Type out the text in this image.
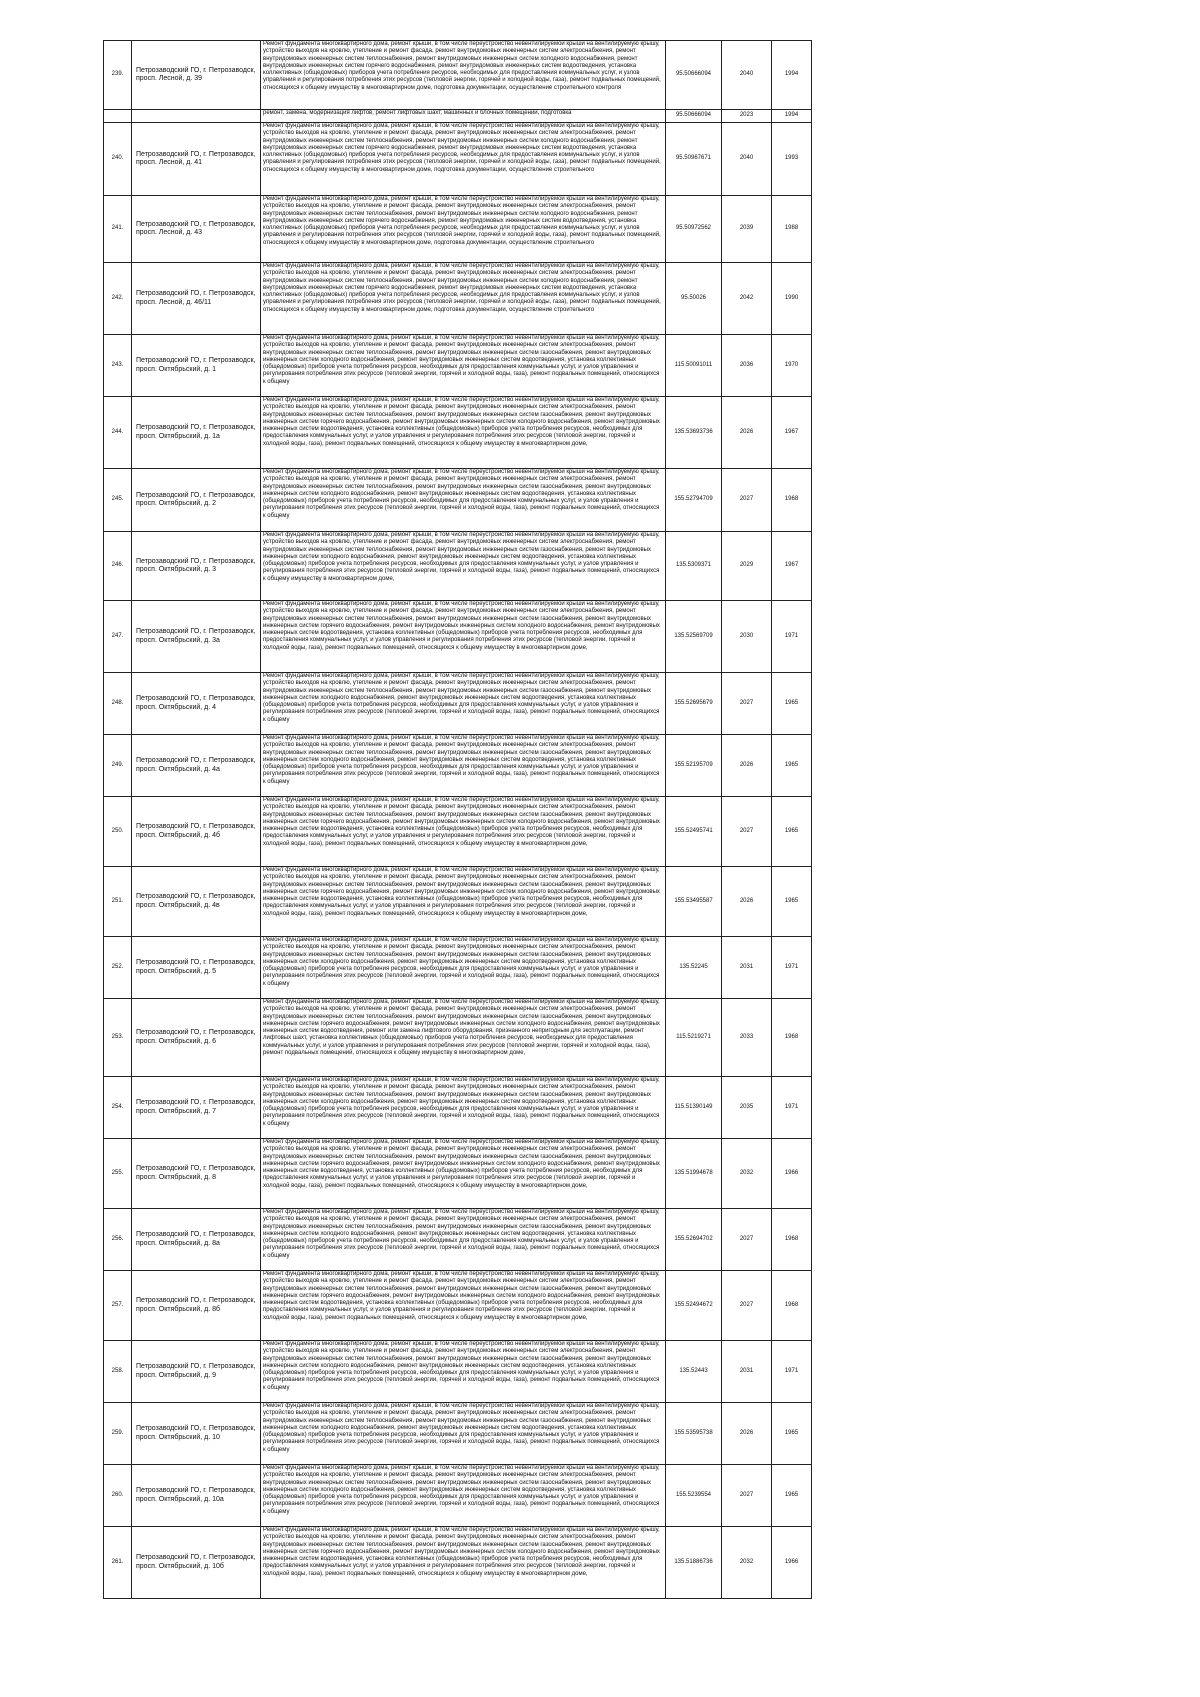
239.	Петрозаводский ГО, г. Петрозаводск, просп. Лесной, д. 39	Ремонт фундамента многоквартирного дома, ремонт крыши, в том числе переустройство невентилируемой крыши на вентилируемую крышу, устройство выходов на кровлю, утепление и ремонт фасада, ремонт внутридомовых инженерных систем электроснабжения, ремонт внутридомовых инженерных систем теплоснабжения, ремонт внутридомовых инженерных систем холодного водоснабжения, ремонт внутридомовых инженерных систем горячего водоснабжения, ремонт внутридомовых инженерных систем водоотведения, установка коллективных (общедомовых) приборов учета потребления ресурсов, необходимых для предоставления коммунальных услуг, и узлов управления и регулирования потребления этих ресурсов (тепловой энергии, горячей и холодной воды, газа), ремонт подвальных помещений, относящихся к общему имуществу в многоквартирном доме, подготовка документации, осуществление строительного контроля	95.50666094	2040	1994

		ремонт, замена, модернизация лифтов, ремонт лифтовых шахт, машинных и блочных помещений, подготовка	95.50666094	2023	1994
240.	Петрозаводский ГО, г. Петрозаводск, просп. Лесной, д. 41	Ремонт фундамента многоквартирного дома, ремонт крыши, в том числе переустройство невентилируемой крыши на вентилируемую крышу, устройство выходов на кровлю, утепление и ремонт фасада, ремонт внутридомовых инженерных систем электроснабжения, ремонт внутридомовых инженерных систем теплоснабжения, ремонт внутридомовых инженерных систем холодного водоснабжения, ремонт внутридомовых инженерных систем горячего водоснабжения, ремонт внутридомовых инженерных систем водоотведения, установка коллективных (общедомовых) приборов учета потребления ресурсов, необходимых для предоставления коммунальных услуг, и узлов управления и регулирования потребления этих ресурсов (тепловой энергии, горячей и холодной воды, газа), ремонт подвальных помещений, относящихся к общему имуществу в многоквартирном доме, подготовка документации, осуществление строительного	95.50967671	2040	1993
241.	Петрозаводский ГО, г. Петрозаводск, просп. Лесной, д. 43	Ремонт фундамента многоквартирного дома, ремонт крыши, в том числе переустройство невентилируемой крыши на вентилируемую крышу, устройство выходов на кровлю, утепление и ремонт фасада, ремонт внутридомовых инженерных систем электроснабжения, ремонт внутридомовых инженерных систем теплоснабжения, ремонт внутридомовых инженерных систем холодного водоснабжения, ремонт внутридомовых инженерных систем горячего водоснабжения, ремонт внутридомовых инженерных систем водоотведения, установка коллективных (общедомовых) приборов учета потребления ресурсов, необходимых для предоставления коммунальных услуг, и узлов управления и регулирования потребления этих ресурсов (тепловой энергии, горячей и холодной воды, газа), ремонт подвальных помещений, относящихся к общему имуществу в многоквартирном доме, подготовка документации, осуществление строительного	95.50972562	2039	1988
242.	Петрозаводский ГО, г. Петрозаводск, просп. Лесной, д. 46/11	Ремонт фундамента многоквартирного дома, ремонт крыши, в том числе переустройство невентилируемой крыши на вентилируемую крышу, устройство выходов на кровлю, утепление и ремонт фасада, ремонт внутридомовых инженерных систем электроснабжения, ремонт внутридомовых инженерных систем теплоснабжения, ремонт внутридомовых инженерных систем холодного водоснабжения, ремонт внутридомовых инженерных систем горячего водоснабжения, ремонт внутридомовых инженерных систем водоотведения, установка коллективных (общедомовых) приборов учета потребления ресурсов, необходимых для предоставления коммунальных услуг, и узлов управления и регулирования потребления этих ресурсов (тепловой энергии, горячей и холодной воды, газа), ремонт подвальных помещений, относящихся к общему имуществу в многоквартирном доме, подготовка документации, осуществление строительного	95.50026	2042	1990
243.	Петрозаводский ГО, г. Петрозаводск, просп. Октябрьский, д. 1	Ремонт фундамента многоквартирного дома, ремонт крыши, в том числе переустройство невентилируемой крыши на вентилируемую крышу, устройство выходов на кровлю, утепление и ремонт фасада, ремонт внутридомовых инженерных систем электроснабжения, ремонт внутридомовых инженерных систем теплоснабжения, ремонт внутридомовых инженерных систем газоснабжения, ремонт внутридомовых инженерных систем холодного водоснабжения, ремонт внутридомовых инженерных систем водоотведения, установка коллективных (общедомовых) приборов учета потребления ресурсов, необходимых для предоставления коммунальных услуг, и узлов управления и регулирования потребления этих ресурсов (тепловой энергии, горячей и холодной воды, газа), ремонт подвальных помещений, относящихся к общему	115.50091011	2036	1970
244.	Петрозаводский ГО, г. Петрозаводск, просп. Октябрьский, д. 1а	Ремонт фундамента многоквартирного дома, ремонт крыши, в том числе переустройство невентилируемой крыши на вентилируемую крышу, устройство выходов на кровлю, утепление и ремонт фасада, ремонт внутридомовых инженерных систем электроснабжения, ремонт внутридомовых инженерных систем теплоснабжения, ремонт внутридомовых инженерных систем газоснабжения, ремонт внутридомовых инженерных систем горячего водоснабжения, ремонт внутридомовых инженерных систем холодного водоснабжения, ремонт внутридомовых инженерных систем водоотведения, установка коллективных (общедомовых) приборов учета потребления ресурсов, необходимых для предоставления коммунальных услуг, и узлов управления и регулирования потребления этих ресурсов (тепловой энергии, горячей и холодной воды, газа), ремонт подвальных помещений, относящихся к общему имуществу в многоквартирном доме,	135.53693736	2026	1967
245.	Петрозаводский ГО, г. Петрозаводск, просп. Октябрьский, д. 2	Ремонт фундамента многоквартирного дома, ремонт крыши, в том числе переустройство невентилируемой крыши на вентилируемую крышу, устройство выходов на кровлю, утепление и ремонт фасада, ремонт внутридомовых инженерных систем электроснабжения, ремонт внутридомовых инженерных систем теплоснабжения, ремонт внутридомовых инженерных систем газоснабжения, ремонт внутридомовых инженерных систем холодного водоснабжения, ремонт внутридомовых инженерных систем водоотведения, установка коллективных (общедомовых) приборов учета потребления ресурсов, необходимых для предоставления коммунальных услуг, и узлов управления и регулирования потребления этих ресурсов (тепловой энергии, горячей и холодной воды, газа), ремонт подвальных помещений, относящихся к общему	155.52794709	2027	1968
246.	Петрозаводский ГО, г. Петрозаводск, просп. Октябрьский, д. 3	Ремонт фундамента многоквартирного дома, ремонт крыши, в том числе переустройство невентилируемой крыши на вентилируемую крышу, устройство выходов на кровлю, утепление и ремонт фасада, ремонт внутридомовых инженерных систем электроснабжения, ремонт внутридомовых инженерных систем теплоснабжения, ремонт внутридомовых инженерных систем газоснабжения, ремонт внутридомовых инженерных систем холодного водоснабжения, ремонт внутридомовых инженерных систем водоотведения, установка коллективных (общедомовых) приборов учета потребления ресурсов, необходимых для предоставления коммунальных услуг, и узлов управления и регулирования потребления этих ресурсов (тепловой энергии, горячей и холодной воды, газа), ремонт подвальных помещений, относящихся к общему имуществу в многоквартирном доме,	135.5309371	2029	1967
247.	Петрозаводский ГО, г. Петрозаводск, просп. Октябрьский, д. 3а	Ремонт фундамента многоквартирного дома, ремонт крыши, в том числе переустройство невентилируемой крыши на вентилируемую крышу, устройство выходов на кровлю, утепление и ремонт фасада, ремонт внутридомовых инженерных систем электроснабжения, ремонт внутридомовых инженерных систем теплоснабжения, ремонт внутридомовых инженерных систем газоснабжения, ремонт внутридомовых инженерных систем горячего водоснабжения, ремонт внутридомовых инженерных систем холодного водоснабжения, ремонт внутридомовых инженерных систем водоотведения, установка коллективных (общедомовых) приборов учета потребления ресурсов, необходимых для предоставления коммунальных услуг, и узлов управления и регулирования потребления этих ресурсов (тепловой энергии, горячей и холодной воды, газа), ремонт подвальных помещений, относящихся к общему имуществу в многоквартирном доме,	135.52569709	2030	1971
248.	Петрозаводский ГО, г. Петрозаводск, просп. Октябрьский, д. 4	Ремонт фундамента многоквартирного дома, ремонт крыши, в том числе переустройство невентилируемой крыши на вентилируемую крышу, устройство выходов на кровлю, утепление и ремонт фасада, ремонт внутридомовых инженерных систем электроснабжения, ремонт внутридомовых инженерных систем теплоснабжения, ремонт внутридомовых инженерных систем газоснабжения, ремонт внутридомовых инженерных систем холодного водоснабжения, ремонт внутридомовых инженерных систем водоотведения, установка коллективных (общедомовых) приборов учета потребления ресурсов, необходимых для предоставления коммунальных услуг, и узлов управления и регулирования потребления этих ресурсов (тепловой энергии, горячей и холодной воды, газа), ремонт подвальных помещений, относящихся к общему	155.52695679	2027	1965
249.	Петрозаводский ГО, г. Петрозаводск, просп. Октябрьский, д. 4а	Ремонт фундамента многоквартирного дома, ремонт крыши, в том числе переустройство невентилируемой крыши на вентилируемую крышу, устройство выходов на кровлю, утепление и ремонт фасада, ремонт внутридомовых инженерных систем электроснабжения, ремонт внутридомовых инженерных систем теплоснабжения, ремонт внутридомовых инженерных систем газоснабжения, ремонт внутридомовых инженерных систем холодного водоснабжения, ремонт внутридомовых инженерных систем водоотведения, установка коллективных (общедомовых) приборов учета потребления ресурсов, необходимых для предоставления коммунальных услуг, и узлов управления и регулирования потребления этих ресурсов (тепловой энергии, горячей и холодной воды, газа), ремонт подвальных помещений, относящихся к общему	155.52195709	2026	1965
250.	Петрозаводский ГО, г. Петрозаводск, просп. Октябрьский, д. 4б	Ремонт фундамента многоквартирного дома, ремонт крыши, в том числе переустройство невентилируемой крыши на вентилируемую крышу, устройство выходов на кровлю, утепление и ремонт фасада, ремонт внутридомовых инженерных систем электроснабжения, ремонт внутридомовых инженерных систем теплоснабжения, ремонт внутридомовых инженерных систем газоснабжения, ремонт внутридомовых инженерных систем горячего водоснабжения, ремонт внутридомовых инженерных систем холодного водоснабжения, ремонт внутридомовых инженерных систем водоотведения, установка коллективных (общедомовых) приборов учета потребления ресурсов, необходимых для предоставления коммунальных услуг, и узлов управления и регулирования потребления этих ресурсов (тепловой энергии, горячей и холодной воды, газа), ремонт подвальных помещений, относящихся к общему имуществу в многоквартирном доме,	155.52495741	2027	1965
251.	Петрозаводский ГО, г. Петрозаводск, просп. Октябрьский, д. 4в	Ремонт фундамента многоквартирного дома, ремонт крыши, в том числе переустройство невентилируемой крыши на вентилируемую крышу, устройство выходов на кровлю, утепление и ремонт фасада, ремонт внутридомовых инженерных систем электроснабжения, ремонт внутридомовых инженерных систем теплоснабжения, ремонт внутридомовых инженерных систем газоснабжения, ремонт внутридомовых инженерных систем горячего водоснабжения, ремонт внутридомовых инженерных систем холодного водоснабжения, ремонт внутридомовых инженерных систем водоотведения, установка коллективных (общедомовых) приборов учета потребления ресурсов, необходимых для предоставления коммунальных услуг, и узлов управления и регулирования потребления этих ресурсов (тепловой энергии, горячей и холодной воды, газа), ремонт подвальных помещений, относящихся к общему имуществу в многоквартирном доме,	155.53495587	2026	1965
252.	Петрозаводский ГО, г. Петрозаводск, просп. Октябрьский, д. 5	Ремонт фундамента многоквартирного дома, ремонт крыши, в том числе переустройство невентилируемой крыши на вентилируемую крышу, устройство выходов на кровлю, утепление и ремонт фасада, ремонт внутридомовых инженерных систем электроснабжения, ремонт внутридомовых инженерных систем теплоснабжения, ремонт внутридомовых инженерных систем газоснабжения, ремонт внутридомовых инженерных систем холодного водоснабжения, ремонт внутридомовых инженерных систем водоотведения, установка коллективных (общедомовых) приборов учета потребления ресурсов, необходимых для предоставления коммунальных услуг, и узлов управления и регулирования потребления этих ресурсов (тепловой энергии, горячей и холодной воды, газа), ремонт подвальных помещений, относящихся к общему	135.52245	2031	1971
253.	Петрозаводский ГО, г. Петрозаводск, просп. Октябрьский, д. 6	Ремонт фундамента многоквартирного дома, ремонт крыши, в том числе переустройство невентилируемой крыши на вентилируемую крышу, устройство выходов на кровлю, утепление и ремонт фасада, ремонт внутридомовых инженерных систем электроснабжения, ремонт внутридомовых инженерных систем теплоснабжения, ремонт внутридомовых инженерных систем газоснабжения, ремонт внутридомовых инженерных систем горячего водоснабжения, ремонт внутридомовых инженерных систем холодного водоснабжения, ремонт внутридомовых инженерных систем водоотведения, ремонт или замена лифтового оборудования, признанного непригодным для эксплуатации, ремонт лифтовых шахт, установка коллективных (общедомовых) приборов учета потребления ресурсов, необходимых для предоставления коммунальных услуг, и узлов управления и регулирования потребления этих ресурсов (тепловой энергии, горячей и холодной воды, газа), ремонт подвальных помещений, относящихся к общему имуществу в многоквартирном доме,	115.5219271	2033	1968
254.	Петрозаводский ГО, г. Петрозаводск, просп. Октябрьский, д. 7	Ремонт фундамента многоквартирного дома, ремонт крыши, в том числе переустройство невентилируемой крыши на вентилируемую крышу, устройство выходов на кровлю, утепление и ремонт фасада, ремонт внутридомовых инженерных систем электроснабжения, ремонт внутридомовых инженерных систем теплоснабжения, ремонт внутридомовых инженерных систем газоснабжения, ремонт внутридомовых инженерных систем холодного водоснабжения, ремонт внутридомовых инженерных систем водоотведения, установка коллективных (общедомовых) приборов учета потребления ресурсов, необходимых для предоставления коммунальных услуг, и узлов управления и регулирования потребления этих ресурсов (тепловой энергии, горячей и холодной воды, газа), ремонт подвальных помещений, относящихся к общему	115.51390149	2035	1971
255.	Петрозаводский ГО, г. Петрозаводск, просп. Октябрьский, д. 8	Ремонт фундамента многоквартирного дома, ремонт крыши, в том числе переустройство невентилируемой крыши на вентилируемую крышу, устройство выходов на кровлю, утепление и ремонт фасада, ремонт внутридомовых инженерных систем электроснабжения, ремонт внутридомовых инженерных систем теплоснабжения, ремонт внутридомовых инженерных систем газоснабжения, ремонт внутридомовых инженерных систем горячего водоснабжения, ремонт внутридомовых инженерных систем холодного водоснабжения, ремонт внутридомовых инженерных систем водоотведения, установка коллективных (общедомовых) приборов учета потребления ресурсов, необходимых для предоставления коммунальных услуг, и узлов управления и регулирования потребления этих ресурсов (тепловой энергии, горячей и холодной воды, газа), ремонт подвальных помещений, относящихся к общему имуществу в многоквартирном доме,	135.51994678	2032	1966
256.	Петрозаводский ГО, г. Петрозаводск, просп. Октябрьский, д. 8а	Ремонт фундамента многоквартирного дома, ремонт крыши, в том числе переустройство невентилируемой крыши на вентилируемую крышу, устройство выходов на кровлю, утепление и ремонт фасада, ремонт внутридомовых инженерных систем электроснабжения, ремонт внутридомовых инженерных систем теплоснабжения, ремонт внутридомовых инженерных систем газоснабжения, ремонт внутридомовых инженерных систем холодного водоснабжения, ремонт внутридомовых инженерных систем водоотведения, установка коллективных (общедомовых) приборов учета потребления ресурсов, необходимых для предоставления коммунальных услуг, и узлов управления и регулирования потребления этих ресурсов (тепловой энергии, горячей и холодной воды, газа), ремонт подвальных помещений, относящихся к общему	155.52694702	2027	1968
257.	Петрозаводский ГО, г. Петрозаводск, просп. Октябрьский, д. 8б	Ремонт фундамента многоквартирного дома, ремонт крыши, в том числе переустройство невентилируемой крыши на вентилируемую крышу, устройство выходов на кровлю, утепление и ремонт фасада, ремонт внутридомовых инженерных систем электроснабжения, ремонт внутридомовых инженерных систем теплоснабжения, ремонт внутридомовых инженерных систем газоснабжения, ремонт внутридомовых инженерных систем горячего водоснабжения, ремонт внутридомовых инженерных систем холодного водоснабжения, ремонт внутридомовых инженерных систем водоотведения, установка коллективных (общедомовых) приборов учета потребления ресурсов, необходимых для предоставления коммунальных услуг, и узлов управления и регулирования потребления этих ресурсов (тепловой энергии, горячей и холодной воды, газа), ремонт подвальных помещений, относящихся к общему имуществу в многоквартирном доме,	155.52494672	2027	1968
258.	Петрозаводский ГО, г. Петрозаводск, просп. Октябрьский, д. 9	Ремонт фундамента многоквартирного дома, ремонт крыши, в том числе переустройство невентилируемой крыши на вентилируемую крышу, устройство выходов на кровлю, утепление и ремонт фасада, ремонт внутридомовых инженерных систем электроснабжения, ремонт внутридомовых инженерных систем теплоснабжения, ремонт внутридомовых инженерных систем газоснабжения, ремонт внутридомовых инженерных систем холодного водоснабжения, ремонт внутридомовых инженерных систем водоотведения, установка коллективных (общедомовых) приборов учета потребления ресурсов, необходимых для предоставления коммунальных услуг, и узлов управления и регулирования потребления этих ресурсов (тепловой энергии, горячей и холодной воды, газа), ремонт подвальных помещений, относящихся к общему	135.52443	2031	1971
259.	Петрозаводский ГО, г. Петрозаводск, просп. Октябрьский, д. 10	Ремонт фундамента многоквартирного дома, ремонт крыши, в том числе переустройство невентилируемой крыши на вентилируемую крышу, устройство выходов на кровлю, утепление и ремонт фасада, ремонт внутридомовых инженерных систем электроснабжения, ремонт внутридомовых инженерных систем теплоснабжения, ремонт внутридомовых инженерных систем газоснабжения, ремонт внутридомовых инженерных систем холодного водоснабжения, ремонт внутридомовых инженерных систем водоотведения, установка коллективных (общедомовых) приборов учета потребления ресурсов, необходимых для предоставления коммунальных услуг, и узлов управления и регулирования потребления этих ресурсов (тепловой энергии, горячей и холодной воды, газа), ремонт подвальных помещений, относящихся к общему	155.53595738	2026	1965
260.	Петрозаводский ГО, г. Петрозаводск, просп. Октябрьский, д. 10а	Ремонт фундамента многоквартирного дома, ремонт крыши, в том числе переустройство невентилируемой крыши на вентилируемую крышу, устройство выходов на кровлю, утепление и ремонт фасада, ремонт внутридомовых инженерных систем электроснабжения, ремонт внутридомовых инженерных систем теплоснабжения, ремонт внутридомовых инженерных систем газоснабжения, ремонт внутридомовых инженерных систем холодного водоснабжения, ремонт внутридомовых инженерных систем водоотведения, установка коллективных (общедомовых) приборов учета потребления ресурсов, необходимых для предоставления коммунальных услуг, и узлов управления и регулирования потребления этих ресурсов (тепловой энергии, горячей и холодной воды, газа), ремонт подвальных помещений, относящихся к общему	155.5239554	2027	1965
261.	Петрозаводский ГО, г. Петрозаводск, просп. Октябрьский, д. 10б	Ремонт фундамента многоквартирного дома, ремонт крыши, в том числе переустройство невентилируемой крыши на вентилируемую крышу, устройство выходов на кровлю, утепление и ремонт фасада, ремонт внутридомовых инженерных систем электроснабжения, ремонт внутридомовых инженерных систем теплоснабжения, ремонт внутридомовых инженерных систем газоснабжения, ремонт внутридомовых инженерных систем горячего водоснабжения, ремонт внутридомовых инженерных систем холодного водоснабжения, ремонт внутридомовых инженерных систем водоотведения, установка коллективных (общедомовых) приборов учета потребления ресурсов, необходимых для предоставления коммунальных услуг, и узлов управления и регулирования потребления этих ресурсов (тепловой энергии, горячей и холодной воды, газа), ремонт подвальных помещений, относящихся к общему имуществу в многоквартирном доме,	135.51886736	2032	1966
